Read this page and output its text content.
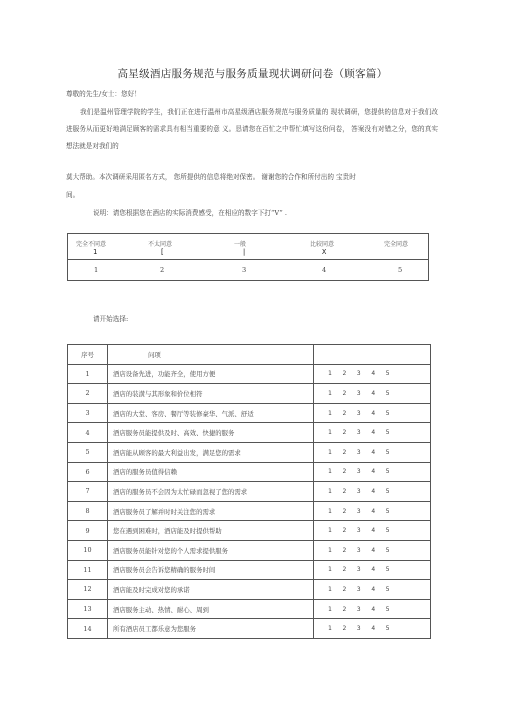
高星级酒店服务规范与服务质量现状调研问卷（顾客篇）
尊敬的先生/女士：您好！

我们是温州管理学院的学生，我们正在进行温州市高星级酒店服务规范与服务质量的 现状调研，您提供的信息对于我们改进服务从而更好地满足顾客的需求具有相当重要的意 义。恳请您在百忙之中帮忙填写这份问卷， 答案没有对错之分，您的真实想法就是对我们的

莫大帮助。本次调研采用匿名方式， 您所提供的信息将绝对保密。 谢谢您的合作和所付出的 宝贵时
间。
说明：请您根据您在酒店的实际消费感受，在相应的数字下打“V” .
完全不同意	不太同意	一般	比较同意	完全同意
1	[	|	X
1	2	3	4	5
请开始选择:
序号	问项	
1	酒店设备先进，功能齐全，使用方便	1 2 3 4 5
2	酒店的装潢与其形象和价位相符	1 2 3 4 5
3	酒店的大堂、客房、餐厅等装修豪华、气派、舒适	1 2 3 4 5
4	酒店服务员能提供及时、高效、快捷的服务	1 2 3 4 5
5	酒店能从顾客的最大利益出发，满足您的需求	1 2 3 4 5
6	酒店的服务员值得信赖	1 2 3 4 5
7	酒店的服务员不会因为太忙碌而忽视了您的需求	1 2 3 4 5
8	酒店服务员了解并时时关注您的需求	1 2 3 4 5
9	您在遇到困难时，酒店能及时提供帮助	1 2 3 4 5
10	酒店服务员能针对您的个人需求提供服务	1 2 3 4 5
11	酒店服务员会告诉您精确的服务时间	1 2 3 4 5
12	酒店能及时完成对您的承诺	1 2 3 4 5
13	酒店服务主动、热情、耐心、周到	1 2 3 4 5
14	所有酒店员工都乐意为您服务	1 2 3 4 5
